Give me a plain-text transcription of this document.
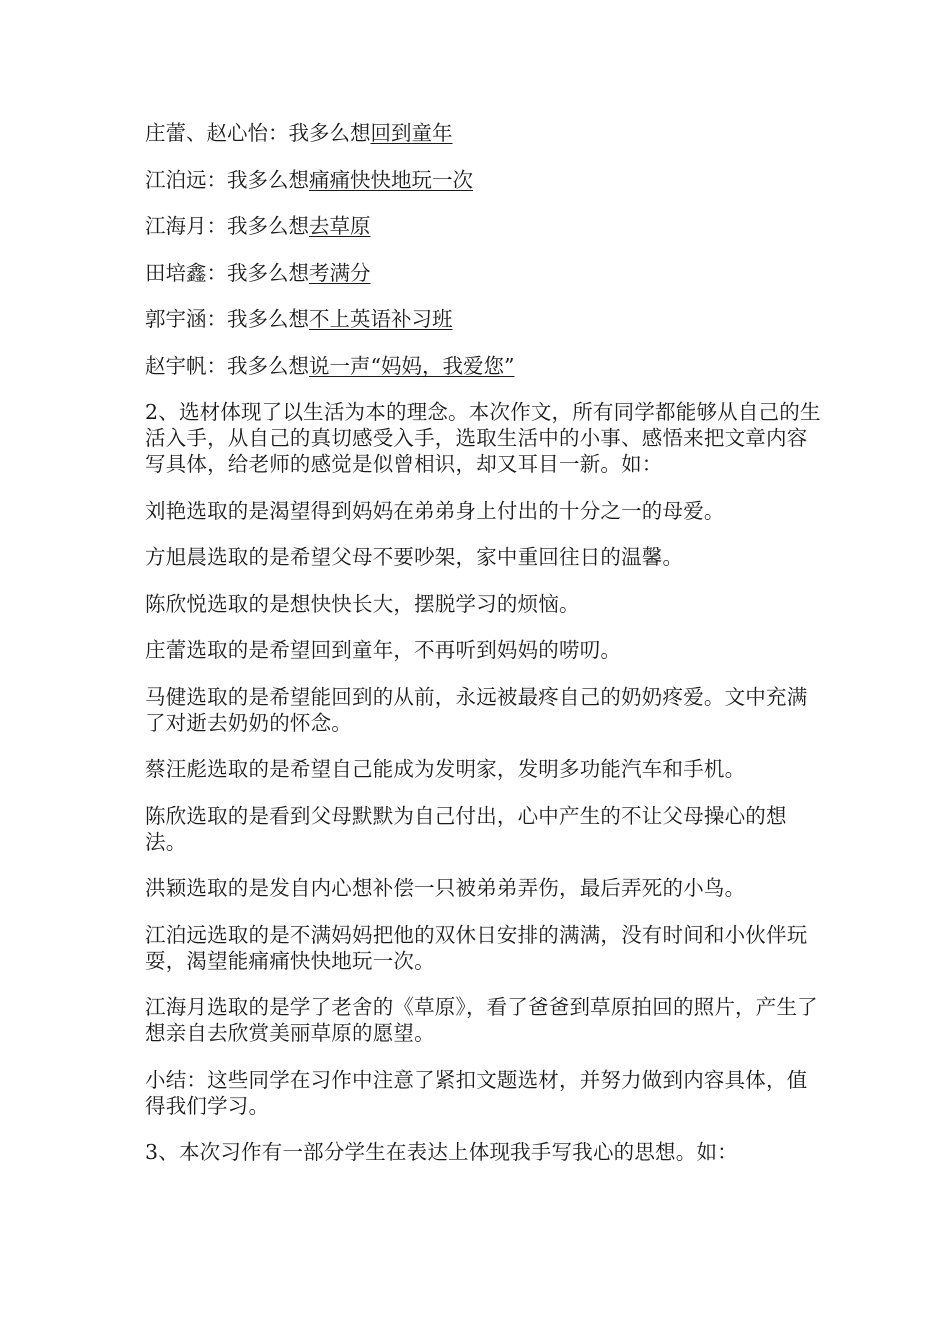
庄蕾、赵心怡：我多么想回到童年
江泊远：我多么想痛痛快快地玩一次
江海月：我多么想去草原
田培鑫：我多么想考满分
郭宇涵：我多么想不上英语补习班
赵宇帆：我多么想说一声“妈妈，我爱您”

2、选材体现了以生活为本的理念。本次作文，所有同学都能够从自己的生活入手，从自己的真切感受入手，选取生活中的小事、感悟来把文章内容写具体，给老师的感觉是似曾相识，却又耳目一新。如：

刘艳选取的是渴望得到妈妈在弟弟身上付出的十分之一的母爱。

方旭晨选取的是希望父母不要吵架，家中重回往日的温馨。

陈欣悦选取的是想快快长大，摆脱学习的烦恼。

庄蕾选取的是希望回到童年，不再听到妈妈的唠叨。

马健选取的是希望能回到的从前，永远被最疼自己的奶奶疼爱。文中充满了对逝去奶奶的怀念。

蔡汪彪选取的是希望自己能成为发明家，发明多功能汽车和手机。

陈欣选取的是看到父母默默为自己付出，心中产生的不让父母操心的想法。

洪颖选取的是发自内心想补偿一只被弟弟弄伤，最后弄死的小鸟。

江泊远选取的是不满妈妈把他的双休日安排的满满，没有时间和小伙伴玩耍，渴望能痛痛快快地玩一次。

江海月选取的是学了老舍的《草原》，看了爸爸到草原拍回的照片，产生了想亲自去欣赏美丽草原的愿望。

小结：这些同学在习作中注意了紧扣文题选材，并努力做到内容具体，值得我们学习。

3、本次习作有一部分学生在表达上体现我手写我心的思想。如：
